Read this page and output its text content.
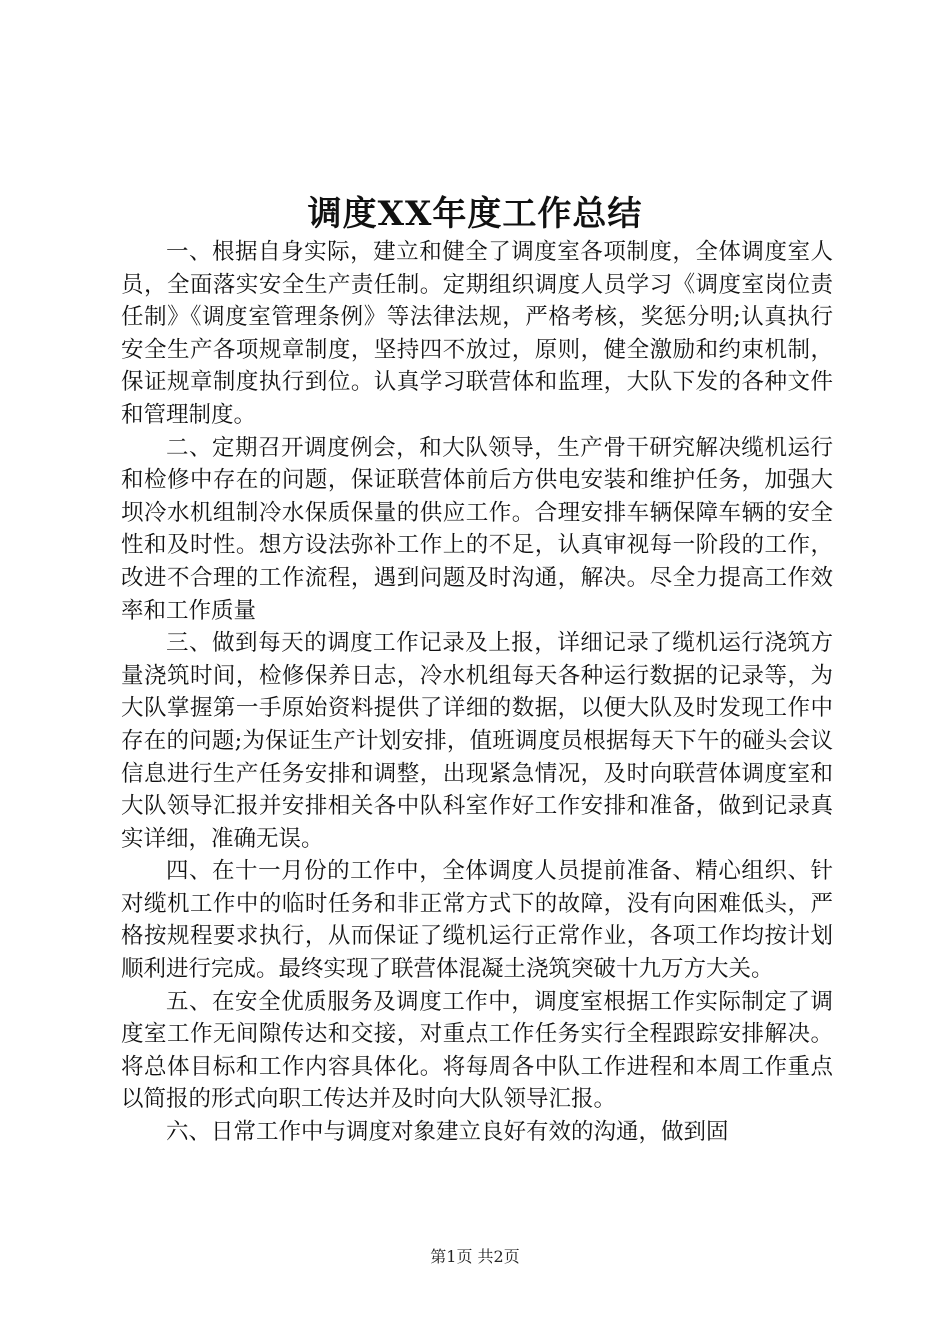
调度XX年度工作总结

一、根据自身实际，建立和健全了调度室各项制度，全体调度室人员，全面落实安全生产责任制。定期组织调度人员学习《调度室岗位责任制》《调度室管理条例》等法律法规，严格考核，奖惩分明;认真执行安全生产各项规章制度，坚持四不放过，原则，健全激励和约束机制，保证规章制度执行到位。认真学习联营体和监理，大队下发的各种文件和管理制度。

二、定期召开调度例会，和大队领导，生产骨干研究解决缆机运行和检修中存在的问题，保证联营体前后方供电安装和维护任务，加强大坝冷水机组制冷水保质保量的供应工作。合理安排车辆保障车辆的安全性和及时性。想方设法弥补工作上的不足，认真审视每一阶段的工作，改进不合理的工作流程，遇到问题及时沟通，解决。尽全力提高工作效率和工作质量

三、做到每天的调度工作记录及上报，详细记录了缆机运行浇筑方量浇筑时间，检修保养日志，冷水机组每天各种运行数据的记录等，为大队掌握第一手原始资料提供了详细的数据，以便大队及时发现工作中存在的问题;为保证生产计划安排，值班调度员根据每天下午的碰头会议信息进行生产任务安排和调整，出现紧急情况，及时向联营体调度室和大队领导汇报并安排相关各中队科室作好工作安排和准备，做到记录真实详细，准确无误。

四、在十一月份的工作中，全体调度人员提前准备、精心组织、针对缆机工作中的临时任务和非正常方式下的故障，没有向困难低头，严格按规程要求执行，从而保证了缆机运行正常作业，各项工作均按计划顺利进行完成。最终实现了联营体混凝土浇筑突破十九万方大关。

五、在安全优质服务及调度工作中，调度室根据工作实际制定了调度室工作无间隙传达和交接，对重点工作任务实行全程跟踪安排解决。将总体目标和工作内容具体化。将每周各中队工作进程和本周工作重点以简报的形式向职工传达并及时向大队领导汇报。

六、日常工作中与调度对象建立良好有效的沟通，做到固

第1页 共2页
